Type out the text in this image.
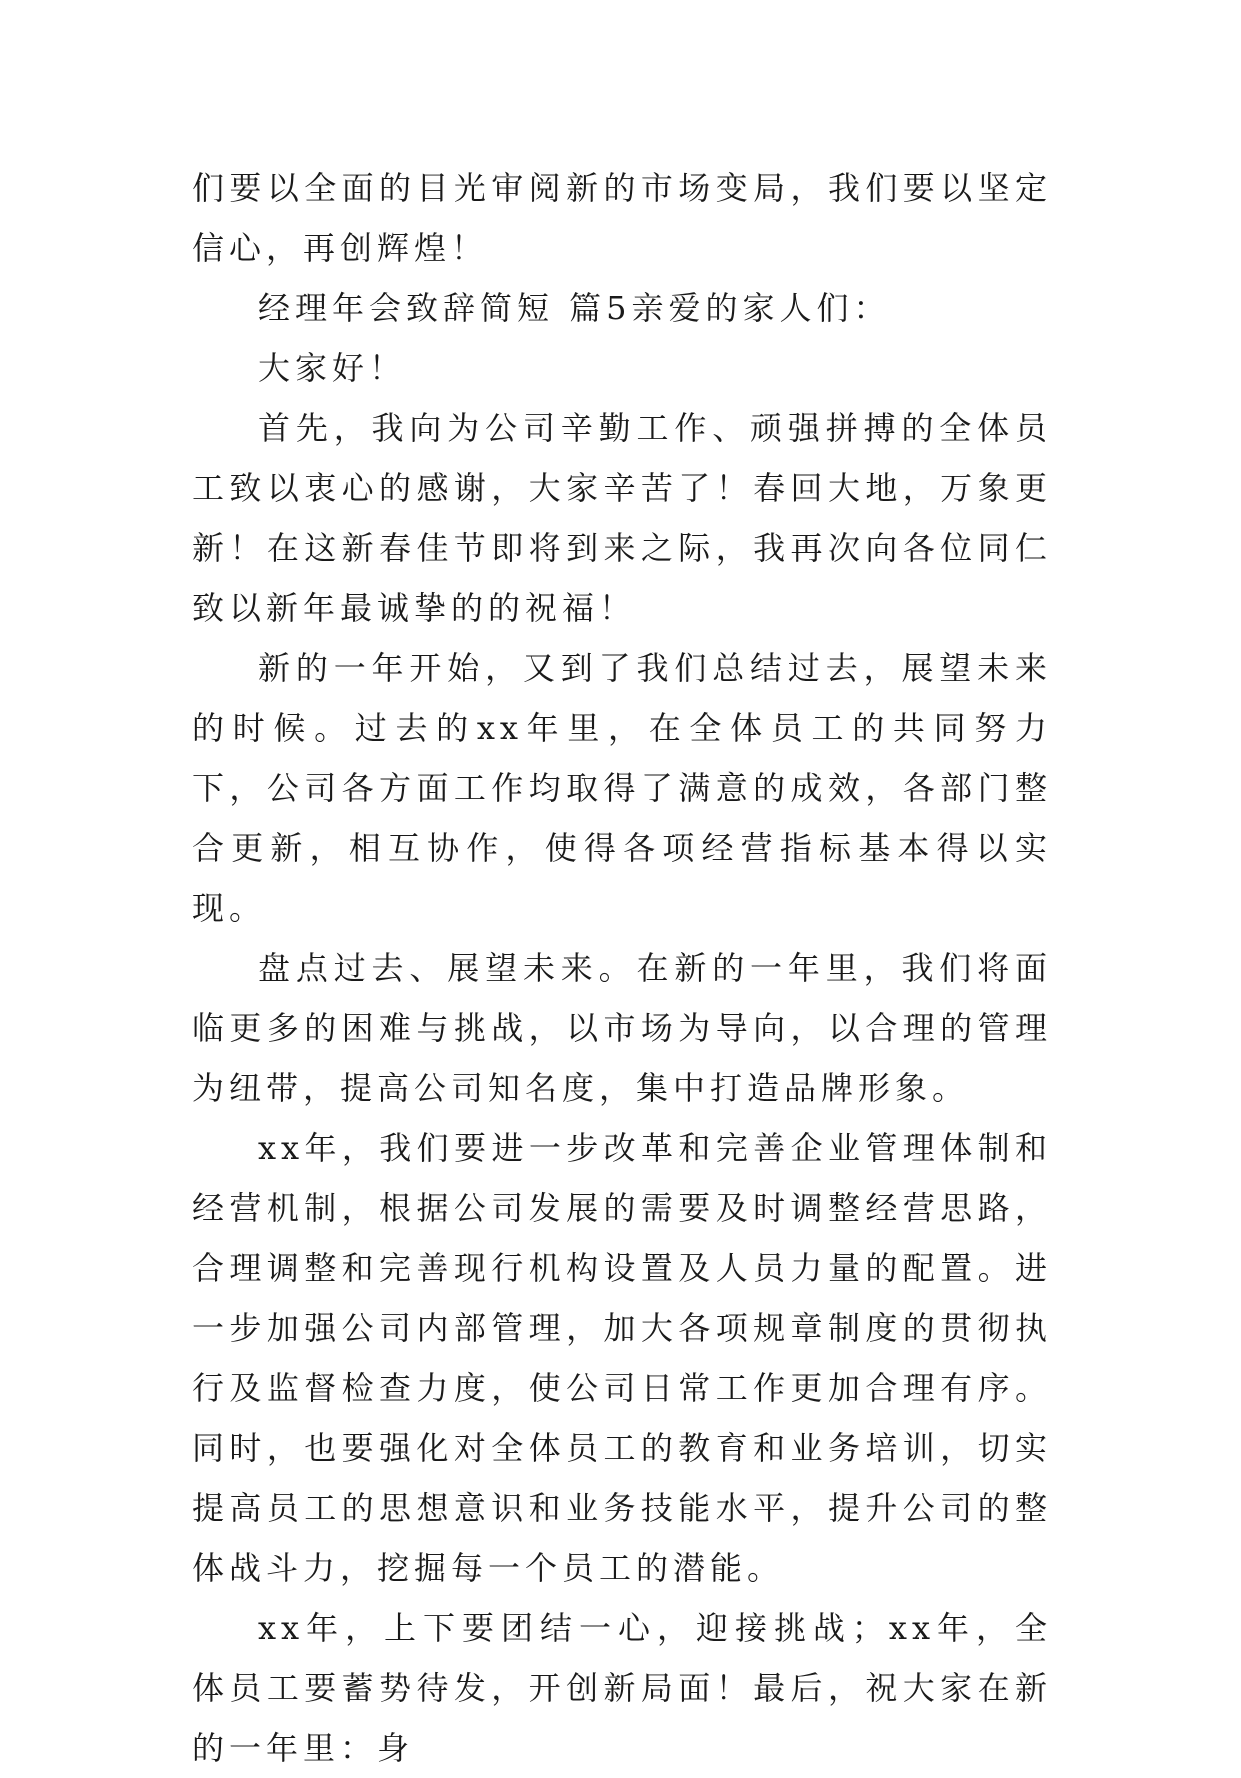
们要以全面的目光审阅新的市场变局，我们要以坚定信心，再创辉煌！

经理年会致辞简短 篇5亲爱的家人们：

大家好！

首先，我向为公司辛勤工作、顽强拼搏的全体员工致以衷心的感谢，大家辛苦了！春回大地，万象更新！在这新春佳节即将到来之际，我再次向各位同仁致以新年最诚挚的的祝福！

新的一年开始，又到了我们总结过去，展望未来的时候。过去的xx年里，在全体员工的共同努力下，公司各方面工作均取得了满意的成效，各部门整合更新，相互协作，使得各项经营指标基本得以实现。

盘点过去、展望未来。在新的一年里，我们将面临更多的困难与挑战，以市场为导向，以合理的管理为纽带，提高公司知名度，集中打造品牌形象。

xx年，我们要进一步改革和完善企业管理体制和经营机制，根据公司发展的需要及时调整经营思路，合理调整和完善现行机构设置及人员力量的配置。进一步加强公司内部管理，加大各项规章制度的贯彻执行及监督检查力度，使公司日常工作更加合理有序。同时，也要强化对全体员工的教育和业务培训，切实提高员工的思想意识和业务技能水平，提升公司的整体战斗力，挖掘每一个员工的潜能。

xx年，上下要团结一心，迎接挑战；xx年，全体员工要蓄势待发，开创新局面！最后，祝大家在新的一年里：身
